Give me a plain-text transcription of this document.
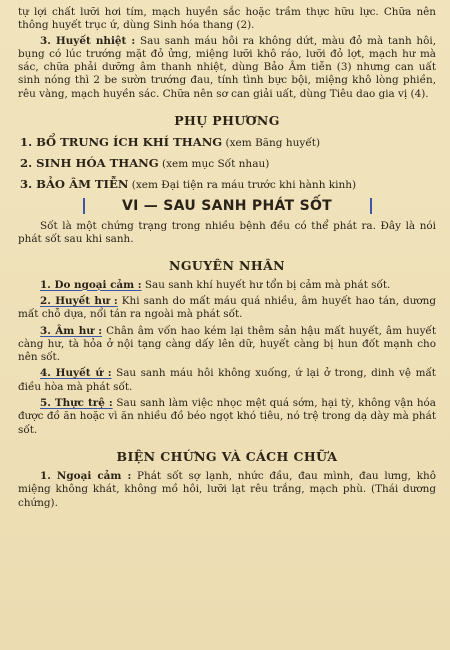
tự lợi chất lưỡi hơi tím, mạch huyền sắc hoặc trầm thực hữu lực. Chữa nên thông huyết trục ứ, dùng Sinh hóa thang (2).

3. Huyết nhiệt : Sau sanh máu hôi ra không dứt, màu đỏ mà tanh hôi, bụng có lúc trướng mặt đỏ ửng, miệng lưỡi khô ráo, lưỡi đỏ lợt, mạch hư mà sác, chữa phải dưỡng âm thanh nhiệt, dùng Bảo Âm tiễn (3) nhưng can uất sinh nóng thì 2 be sườn trướng đau, tính tình bực bội, miệng khô lòng phiền, rêu vàng, mạch huyền sác. Chữa nên sơ can giải uất, dùng Tiêu dao gia vị (4).

PHỤ PHƯƠNG

1. BỔ TRUNG ÍCH KHÍ THANG (xem Băng huyết)

2. SINH HÓA THANG (xem mục Sốt nhau)

3. BẢO ÂM TIỄN (xem Đại tiện ra máu trước khi hành kinh)

VI — SAU SANH PHÁT SỐT

Sốt là một chứng trạng trong nhiều bệnh đều có thể phát ra. Đây là nói phát sốt sau khi sanh.

NGUYÊN NHÂN

1. Do ngoại cảm : Sau sanh khí huyết hư tổn bị cảm mà phát sốt.

2. Huyết hư : Khi sanh do mất máu quá nhiều, âm huyết hao tán, dương mất chỗ dựa, nổi tán ra ngoài mà phát sốt.

3. Âm hư : Chân âm vốn hao kém lại thêm sản hậu mất huyết, âm huyết càng hư, tà hỏa ở nội tạng càng dấy lên dữ, huyết càng bị hun đốt mạnh cho nên sốt.

4. Huyết ứ : Sau sanh máu hôi không xuống, ứ lại ở trong, dinh vệ mất điều hòa mà phát sốt.

5. Thực trệ : Sau sanh làm việc nhọc mệt quá sớm, hại tỳ, không vận hóa được đồ ăn hoặc vì ăn nhiều đồ béo ngọt khó tiêu, nó trệ trong dạ dày mà phát sốt.

BIỆN CHỨNG VÀ CÁCH CHỮA

1. Ngoại cảm : Phát sốt sợ lạnh, nhức đầu, đau mình, đau lưng, khô miệng không khát, không mồ hôi, lưỡi lạt rêu trắng, mạch phù. (Thái dương chứng).
